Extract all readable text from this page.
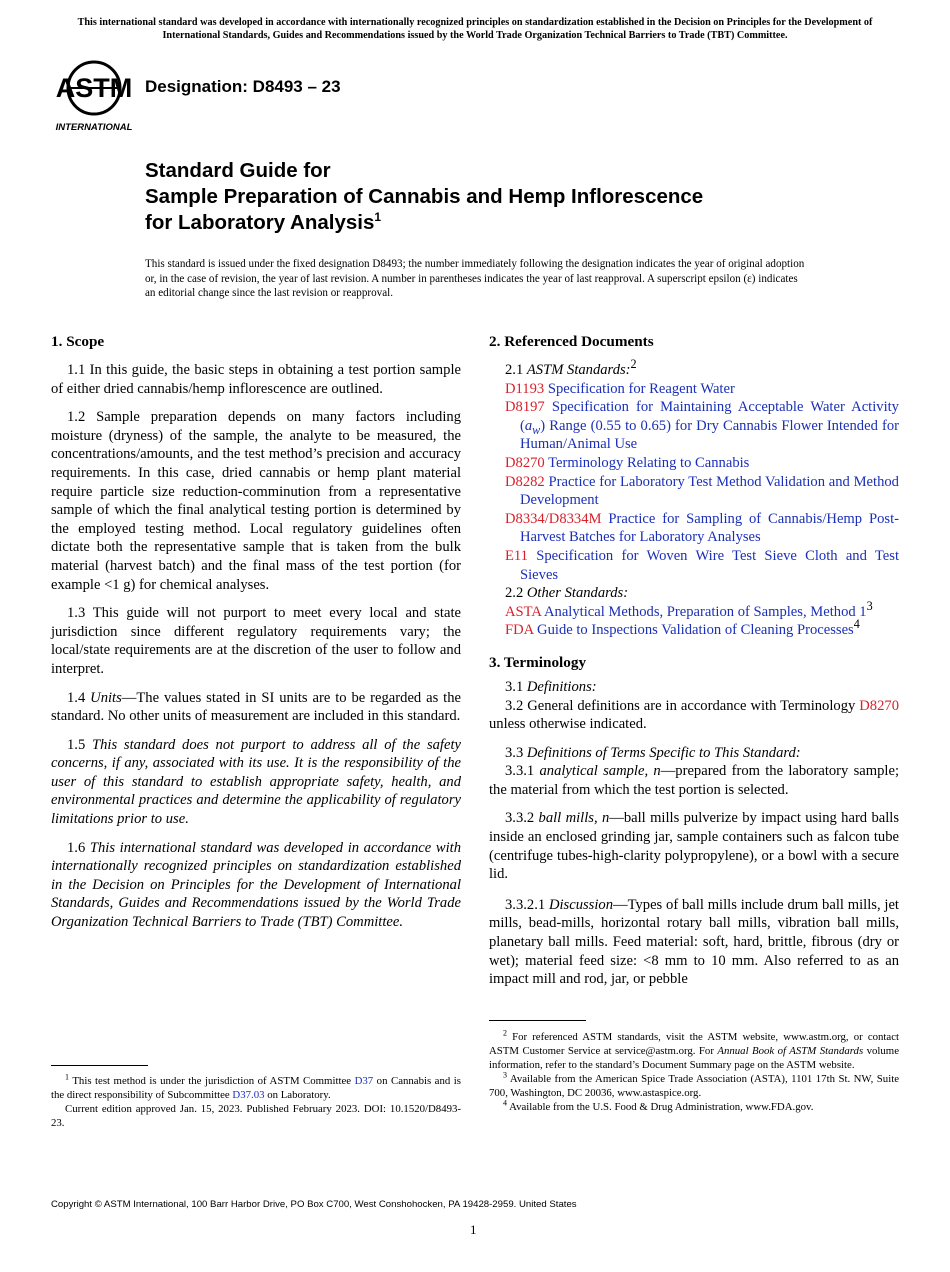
This international standard was developed in accordance with internationally recognized principles on standardization established in the Decision on Principles for the Development of International Standards, Guides and Recommendations issued by the World Trade Organization Technical Barriers to Trade (TBT) Committee.
ASTM
INTERNATIONAL
Designation: D8493 – 23
Standard Guide for
Sample Preparation of Cannabis and Hemp Inflorescence
for Laboratory Analysis$^1$
This standard is issued under the fixed designation D8493; the number immediately following the designation indicates the year of original adoption or, in the case of revision, the year of last revision. A number in parentheses indicates the year of last reapproval. A superscript epsilon (ε) indicates an editorial change since the last revision or reapproval.
1. Scope

1.1 In this guide, the basic steps in obtaining a test portion sample of either dried cannabis/hemp inflorescence are outlined.

1.2 Sample preparation depends on many factors including moisture (dryness) of the sample, the analyte to be measured, the concentrations/amounts, and the test method’s precision and accuracy requirements. In this case, dried cannabis or hemp plant material require particle size reduction-comminution from a representative sample of which the final analytical testing portion is determined by the employed testing method. Local regulatory guidelines often dictate both the representative sample that is taken from the bulk material (harvest batch) and the final mass of the test portion (for example <1 g) for chemical analyses.

1.3 This guide will not purport to meet every local and state jurisdiction since different regulatory requirements vary; the local/state requirements are at the discretion of the user to follow and interpret.

1.4 Units—The values stated in SI units are to be regarded as the standard. No other units of measurement are included in this standard.

1.5 This standard does not purport to address all of the safety concerns, if any, associated with its use. It is the responsibility of the user of this standard to establish appropriate safety, health, and environmental practices and determine the applicability of regulatory limitations prior to use.

1.6 This international standard was developed in accordance with internationally recognized principles on standardization established in the Decision on Principles for the Development of International Standards, Guides and Recommendations issued by the World Trade Organization Technical Barriers to Trade (TBT) Committee.

$^1$ This test method is under the jurisdiction of ASTM Committee D37 on Cannabis and is the direct responsibility of Subcommittee D37.03 on Laboratory.

Current edition approved Jan. 15, 2023. Published February 2023. DOI: 10.1520/D8493-23.

2. Referenced Documents

2.1 ASTM Standards:$^2$

D1193 Specification for Reagent Water

D8197 Specification for Maintaining Acceptable Water Activity $(a_w)$ Range (0.55 to 0.65) for Dry Cannabis Flower Intended for Human/Animal Use

D8270 Terminology Relating to Cannabis

D8282 Practice for Laboratory Test Method Validation and Method Development

D8334/D8334M Practice for Sampling of Cannabis/Hemp Post-Harvest Batches for Laboratory Analyses

E11 Specification for Woven Wire Test Sieve Cloth and Test Sieves

2.2 Other Standards:

ASTA Analytical Methods, Preparation of Samples, Method $1^3$

FDA Guide to Inspections Validation of Cleaning Processes$^4$

3. Terminology

3.1 Definitions:

3.2 General definitions are in accordance with Terminology D8270 unless otherwise indicated.

3.3 Definitions of Terms Specific to This Standard:

3.3.1 analytical sample, n—prepared from the laboratory sample; the material from which the test portion is selected.

3.3.2 ball mills, n—ball mills pulverize by impact using hard balls inside an enclosed grinding jar, sample containers such as falcon tube (centrifuge tubes-high-clarity polypropylene), or a bowl with a secure lid.

3.3.2.1 Discussion—Types of ball mills include drum ball mills, jet mills, bead-mills, horizontal rotary ball mills, vibration ball mills, planetary ball mills. Feed material: soft, hard, brittle, fibrous (dry or wet); material feed size: <8 mm to 10 mm. Also referred to as an impact mill and rod, jar, or pebble

$^2$ For referenced ASTM standards, visit the ASTM website, www.astm.org, or contact ASTM Customer Service at service@astm.org. For Annual Book of ASTM Standards volume information, refer to the standard’s Document Summary page on the ASTM website.

$^3$ Available from the American Spice Trade Association (ASTA), 1101 17th St. NW, Suite 700, Washington, DC 20036, www.astaspice.org.

$^4$ Available from the U.S. Food & Drug Administration, www.FDA.gov.

Copyright © ASTM International, 100 Barr Harbor Drive, PO Box C700, West Conshohocken, PA 19428-2959. United States
1
